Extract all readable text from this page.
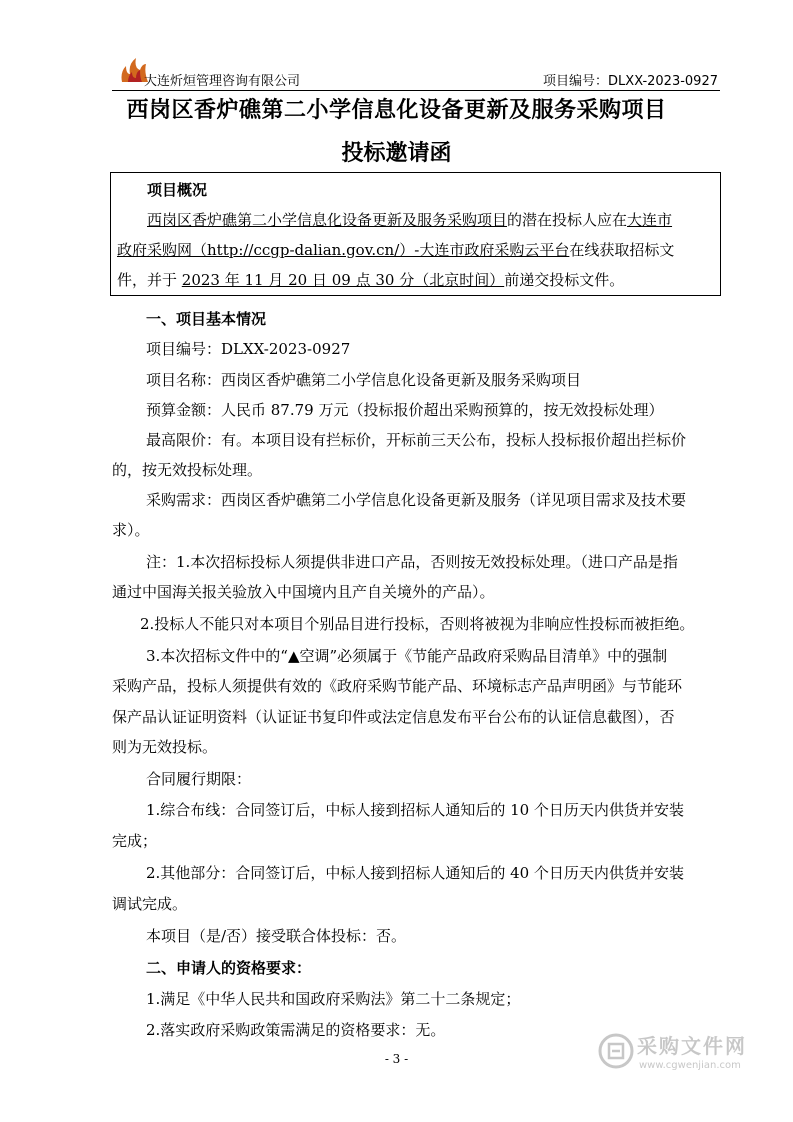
大连炘烜管理咨询有限公司	项目编号：DLXX-2023-0927
西岗区香炉礁第二小学信息化设备更新及服务采购项目
投标邀请函
项目概况
西岗区香炉礁第二小学信息化设备更新及服务采购项目的潜在投标人应在大连市
政府采购网（http://ccgp-dalian.gov.cn/）-大连市政府采购云平台在线获取招标文
件，并于 2023 年 11 月 20 日 09 点 30 分（北京时间）前递交投标文件。
一、项目基本情况
项目编号：DLXX-2023-0927
项目名称：西岗区香炉礁第二小学信息化设备更新及服务采购项目
预算金额：人民币 87.79 万元（投标报价超出采购预算的，按无效投标处理）
最高限价：有。本项目设有拦标价，开标前三天公布，投标人投标报价超出拦标价
的，按无效投标处理。
采购需求：西岗区香炉礁第二小学信息化设备更新及服务（详见项目需求及技术要
求）。
注：1.本次招标投标人须提供非进口产品，否则按无效投标处理。（进口产品是指
通过中国海关报关验放入中国境内且产自关境外的产品）。
2.投标人不能只对本项目个别品目进行投标，否则将被视为非响应性投标而被拒绝。
3.本次招标文件中的“▲空调”必须属于《节能产品政府采购品目清单》中的强制
采购产品，投标人须提供有效的《政府采购节能产品、环境标志产品声明函》与节能环
保产品认证证明资料（认证证书复印件或法定信息发布平台公布的认证信息截图），否
则为无效投标。
合同履行期限：
1.综合布线：合同签订后，中标人接到招标人通知后的 10 个日历天内供货并安装
完成；
2.其他部分：合同签订后，中标人接到招标人通知后的 40 个日历天内供货并安装
调试完成。
本项目（是/否）接受联合体投标：否。
二、申请人的资格要求：
1.满足《中华人民共和国政府采购法》第二十二条规定；
2.落实政府采购政策需满足的资格要求：无。
- 3 -
采购文件网
www.cgwenjian.com
